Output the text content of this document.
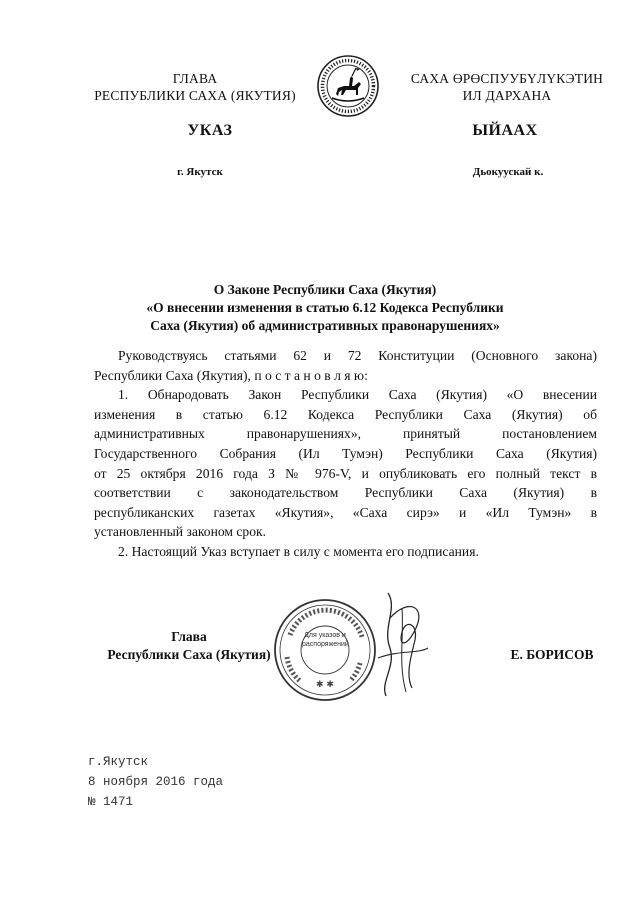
ГЛАВА
РЕСПУБЛИКИ САХА (ЯКУТИЯ)
САХА ӨРӨСПУУБҮЛҮКЭТИН
ИЛ ДАРХАНА
УКАЗ	ЫЙААХ
г. Якутск	Дьокуускай к.
О Законе Республики Саха (Якутия)
«О внесении изменения в статью 6.12 Кодекса Республики
Саха (Якутия) об административных правонарушениях»
Руководствуясь статьями 62 и 72 Конституции (Основного закона)
Республики Саха (Якутия), п о с т а н о в л я ю:
1. Обнародовать Закон Республики Саха (Якутия) «О внесении
изменения в статью 6.12 Кодекса Республики Саха (Якутия) об
административных правонарушениях», принятый постановлением
Государственного Собрания (Ил Тумэн) Республики Саха (Якутия)
от 25 октября 2016 года З № 976-V, и опубликовать его полный текст в
соответствии с законодательством Республики Саха (Якутия) в
республиканских газетах «Якутия», «Саха сирэ» и «Ил Тумэн» в
установленный законом срок.
2. Настоящий Указ вступает в силу с момента его подписания.
Глава
Республики Саха (Якутия)
✱ ✱
Для указов и распоряжений
Е. БОРИСОВ
г.Якутск
8 ноября 2016 года
№ 1471
